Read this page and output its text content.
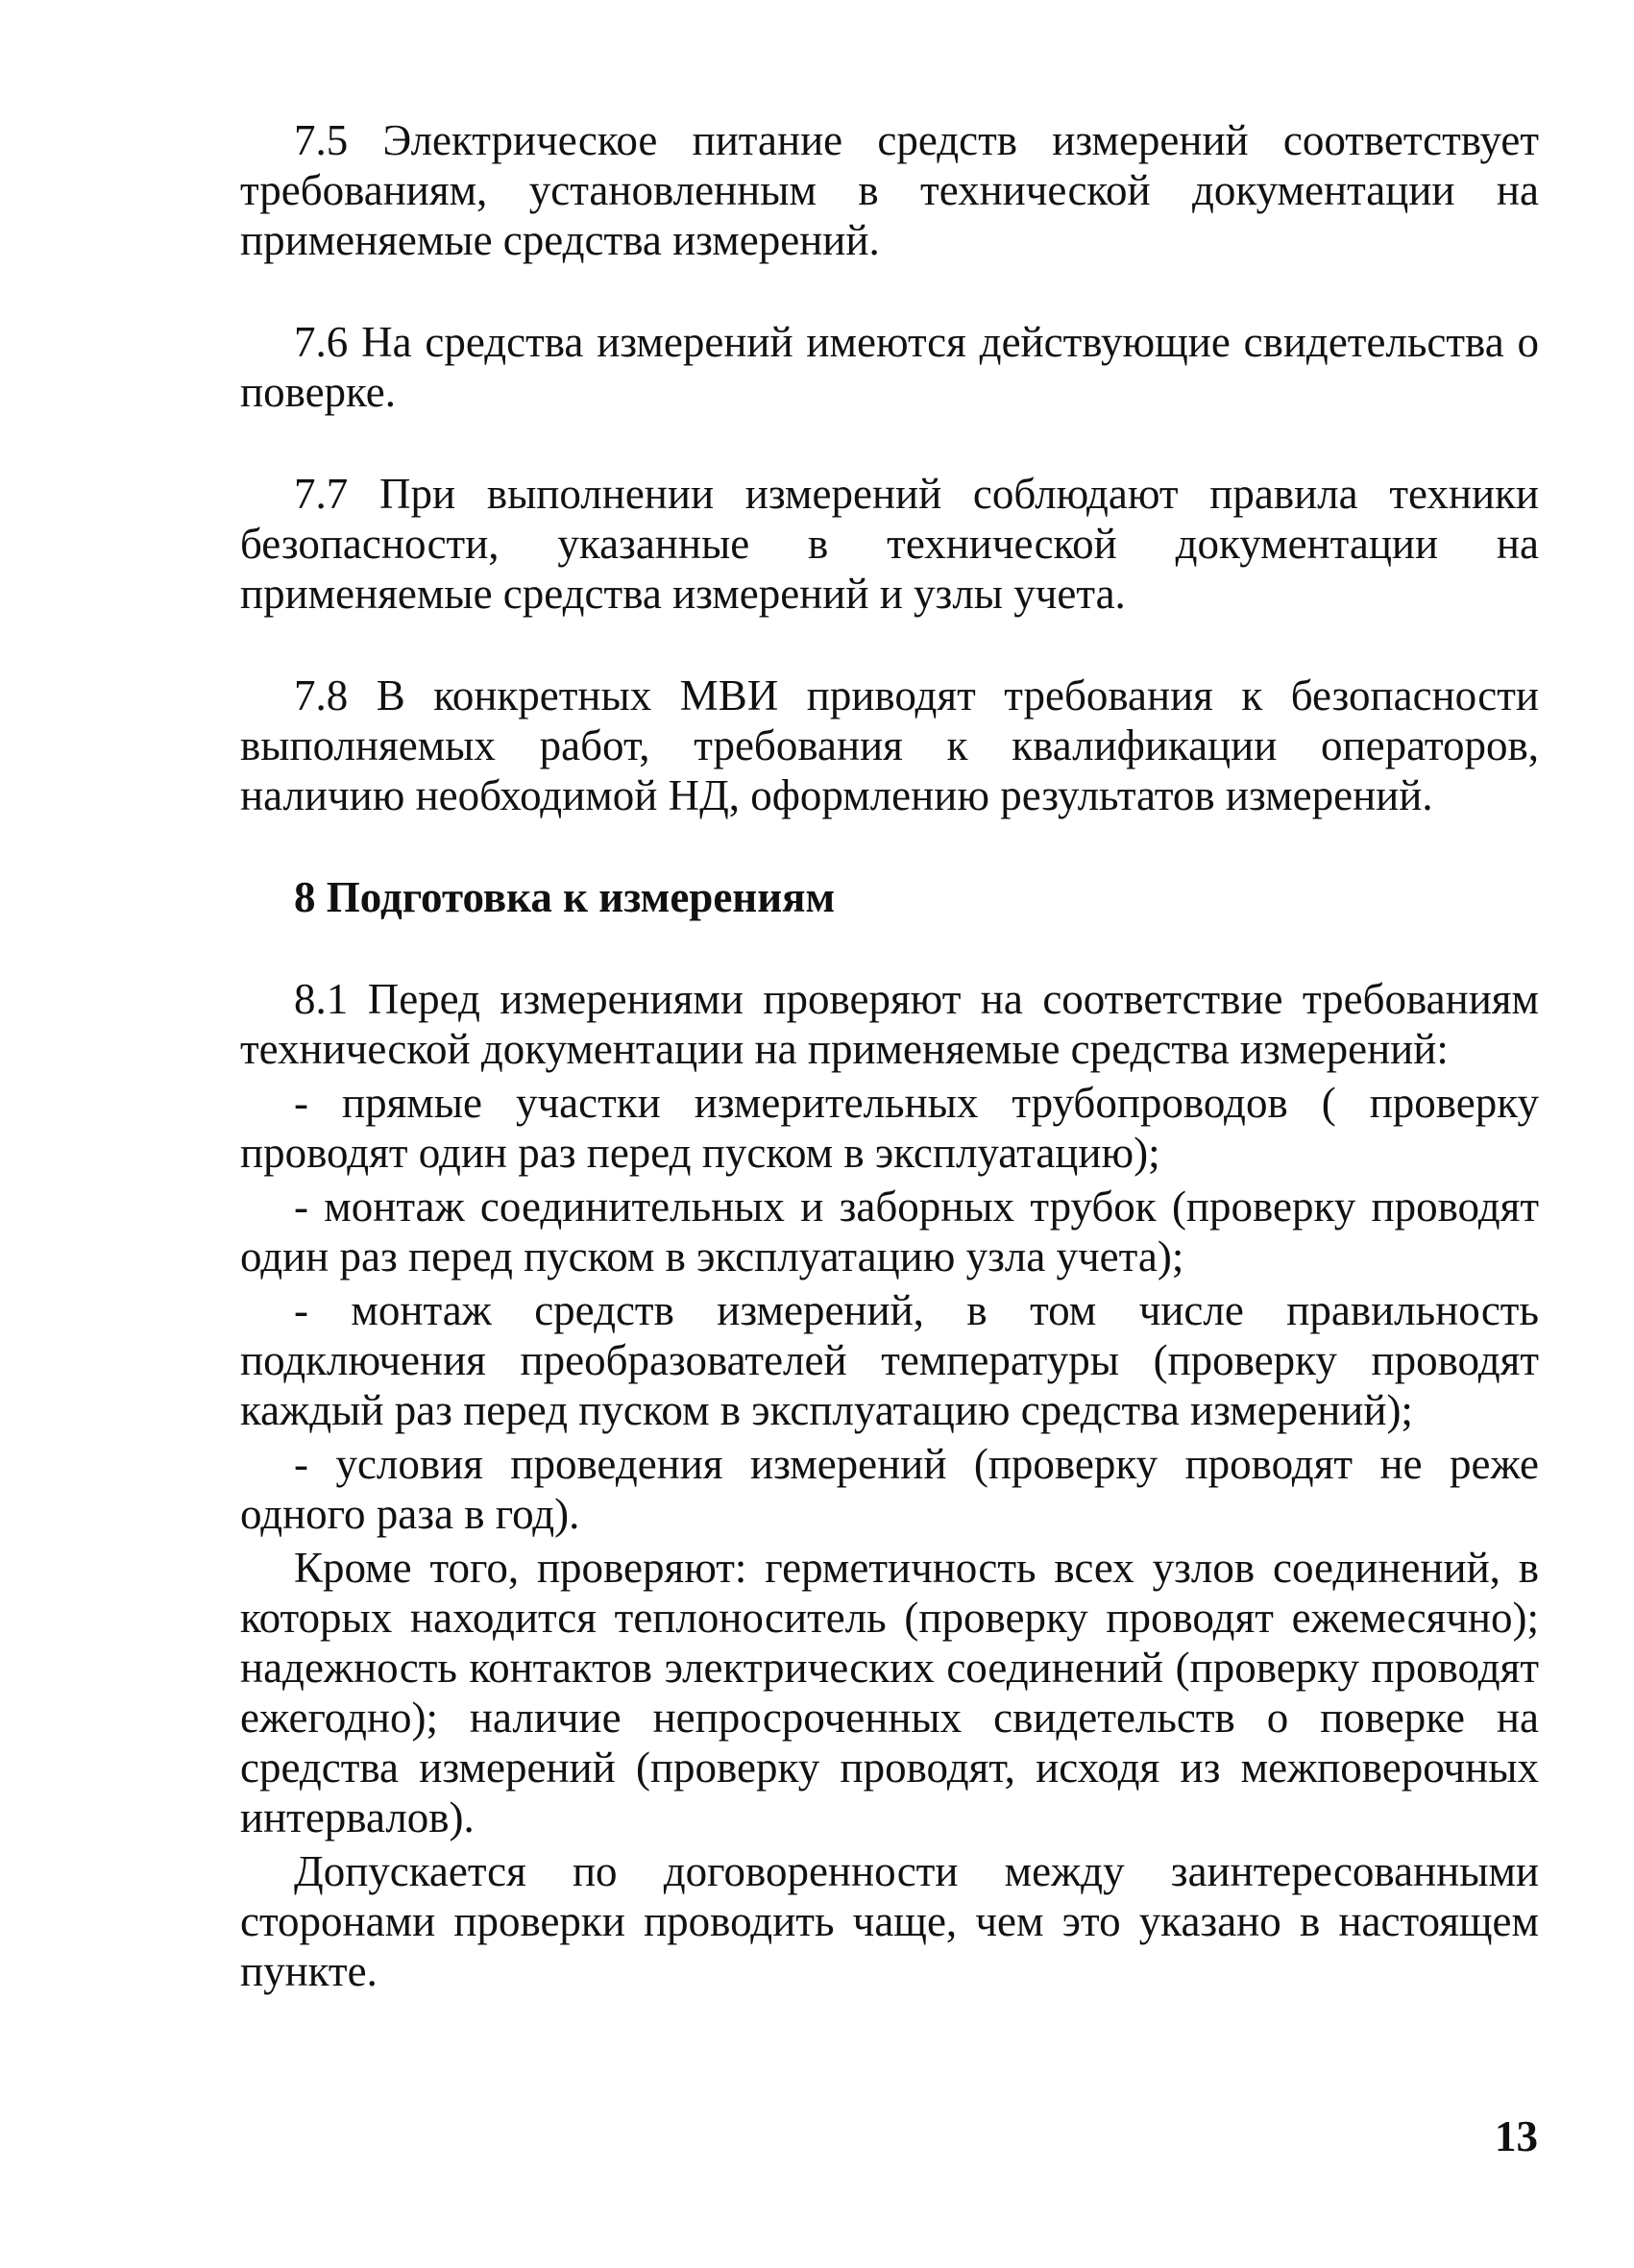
7.5 Электрическое питание средств измерений соответствует требованиям, установленным в технической документации на применяемые средства измерений.

7.6 На средства измерений имеются действующие свидетельства о поверке.

7.7 При выполнении измерений соблюдают правила техники безопасности, указанные в технической документации на применяемые средства измерений и узлы учета.

7.8 В конкретных МВИ приводят требования к безопасности выполняемых работ, требования к квалификации операторов, наличию необходимой НД, оформлению результатов измерений.

8 Подготовка к измерениям

8.1 Перед измерениями проверяют на соответствие требованиям технической документации на применяемые средства измерений:

- прямые участки измерительных трубопроводов ( проверку проводят один раз перед пуском в эксплуатацию);

- монтаж соединительных и заборных трубок (проверку проводят один раз перед пуском в эксплуатацию узла учета);

- монтаж средств измерений, в том числе правильность подключения преобразователей температуры (проверку проводят каждый раз перед пуском в эксплуатацию средства измерений);

- условия проведения измерений (проверку проводят не реже одного раза в год).

Кроме того, проверяют: герметичность всех узлов соединений, в которых находится теплоноситель (проверку проводят ежемесячно); надежность контактов электрических соединений (проверку проводят ежегодно); наличие непросроченных свидетельств о поверке на средства измерений (проверку проводят, исходя из межповерочных интервалов).

Допускается по договоренности между заинтересованными сторонами проверки проводить чаще, чем это указано в настоящем пункте.

13
